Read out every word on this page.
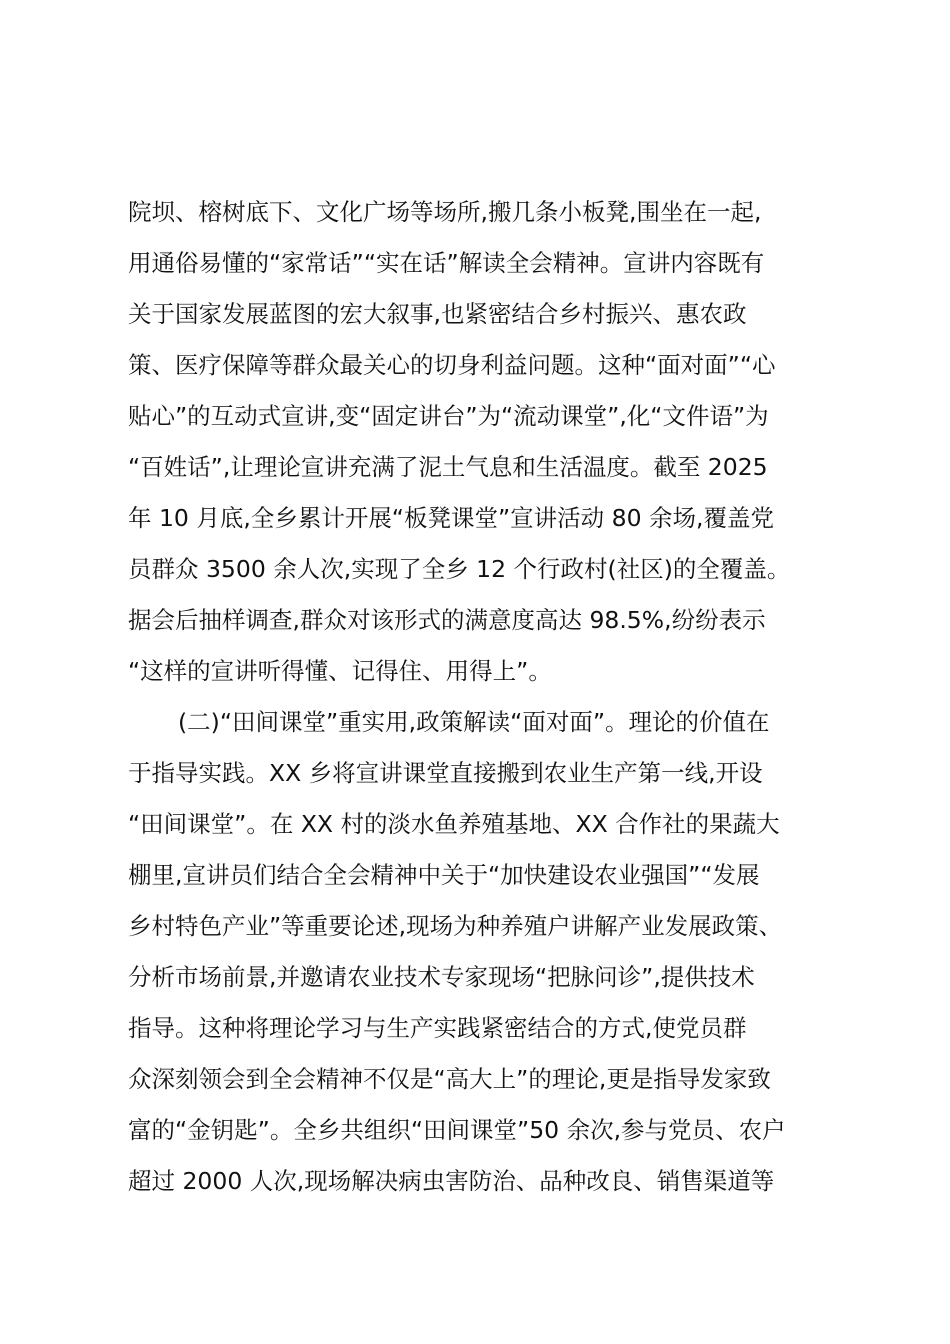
院坝、榕树底下、文化广场等场所,搬几条小板凳,围坐在一起,
用通俗易懂的“家常话”“实在话”解读全会精神。宣讲内容既有
关于国家发展蓝图的宏大叙事,也紧密结合乡村振兴、惠农政
策、医疗保障等群众最关心的切身利益问题。这种“面对面”“心
贴心”的互动式宣讲,变“固定讲台”为“流动课堂”,化“文件语”为
“百姓话”,让理论宣讲充满了泥土气息和生活温度。截至 2025
年 10 月底,全乡累计开展“板凳课堂”宣讲活动 80 余场,覆盖党
员群众 3500 余人次,实现了全乡 12 个行政村(社区)的全覆盖。
据会后抽样调查,群众对该形式的满意度高达 98.5%,纷纷表示
“这样的宣讲听得懂、记得住、用得上”。
(二)“田间课堂”重实用,政策解读“面对面”。理论的价值在
于指导实践。XX 乡将宣讲课堂直接搬到农业生产第一线,开设
“田间课堂”。在 XX 村的淡水鱼养殖基地、XX 合作社的果蔬大
棚里,宣讲员们结合全会精神中关于“加快建设农业强国”“发展
乡村特色产业”等重要论述,现场为种养殖户讲解产业发展政策、
分析市场前景,并邀请农业技术专家现场“把脉问诊”,提供技术
指导。这种将理论学习与生产实践紧密结合的方式,使党员群
众深刻领会到全会精神不仅是“高大上”的理论,更是指导发家致
富的“金钥匙”。全乡共组织“田间课堂”50 余次,参与党员、农户
超过 2000 人次,现场解决病虫害防治、品种改良、销售渠道等
